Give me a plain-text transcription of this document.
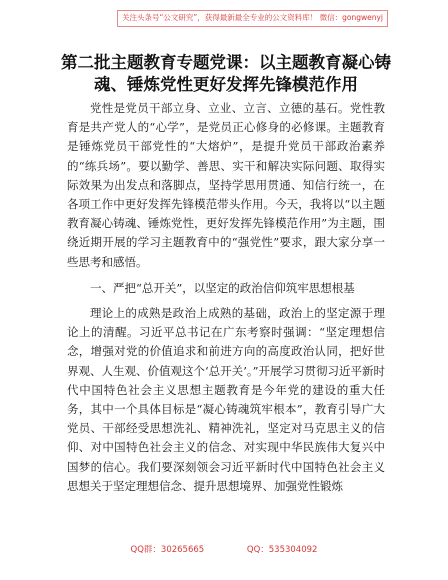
关注头条号“公文研究”，获得最新最全专业的公文资料库！ 微信：gongwenyj
第二批主题教育专题党课：以主题教育凝心铸魂、锤炼党性更好发挥先锋模范作用

党性是党员干部立身、立业、立言、立德的基石。党性教育是共产党人的“心学”，是党员正心修身的必修课。主题教育是锤炼党员干部党性的“大熔炉”，是提升党员干部政治素养的“练兵场”。要以勤学、善思、实干和解决实际问题、取得实际效果为出发点和落脚点，坚持学思用贯通、知信行统一，在各项工作中更好发挥先锋模范带头作用。今天，我将以“以主题教育凝心铸魂、锤炼党性，更好发挥先锋模范作用”为主题，围绕近期开展的学习主题教育中的“强党性”要求，跟大家分享一些思考和感悟。

一、严把“总开关”，以坚定的政治信仰筑牢思想根基

理论上的成熟是政治上成熟的基础，政治上的坚定源于理论上的清醒。习近平总书记在广东考察时强调：“坚定理想信念，增强对党的价值追求和前进方向的高度政治认同，把好世界观、人生观、价值观这个‘总开关’。”开展学习贯彻习近平新时代中国特色社会主义思想主题教育是今年党的建设的重大任务，其中一个具体目标是“凝心铸魂筑牢根本”，教育引导广大党员、干部经受思想洗礼、精神洗礼，坚定对马克思主义的信仰、对中国特色社会主义的信念、对实现中华民族伟大复兴中国梦的信心。我们要深刻领会习近平新时代中国特色社会主义思想关于坚定理想信念、提升思想境界、加强党性锻炼

QQ群：30265665	QQ：535304092
